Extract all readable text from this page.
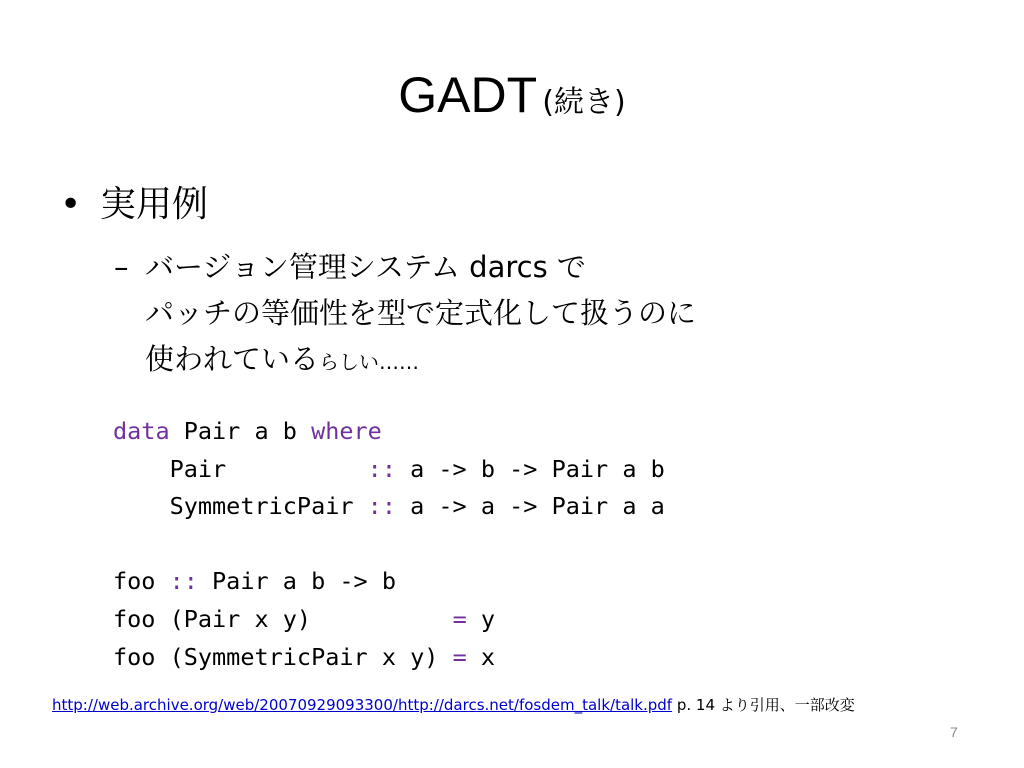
GADT (続き)
• 実用例
– バージョン管理システム darcs で
パッチの等価性を型で定式化して扱うのに
使われているらしい……
data Pair a b where
Pair          :: a -> b -> Pair a b
SymmetricPair :: a -> a -> Pair a a

foo :: Pair a b -> b
foo (Pair x y)          = y
foo (SymmetricPair x y) = x
http://web.archive.org/web/20070929093300/http://darcs.net/fosdem_talk/talk.pdf p. 14 より引用、一部改変
7
